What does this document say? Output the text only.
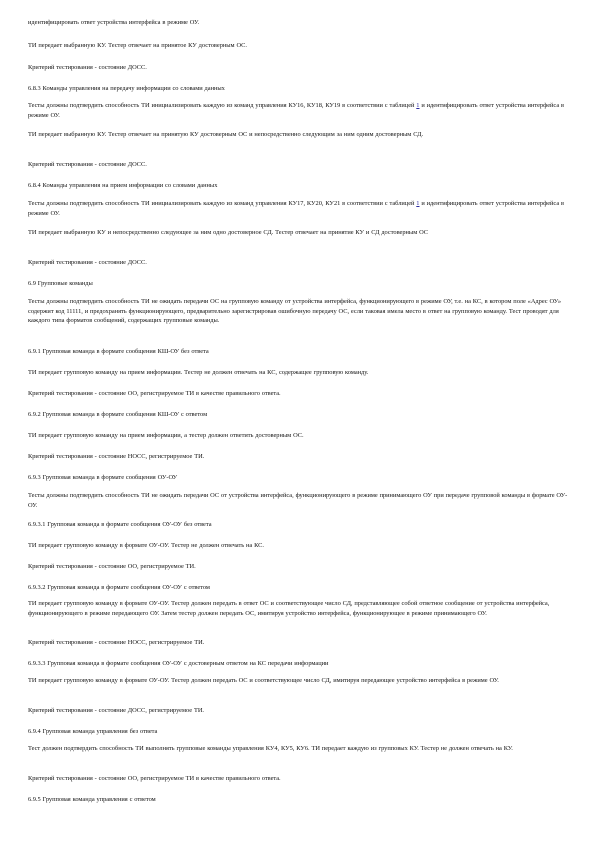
идентифицировать ответ устройства интерфейса в режиме ОУ.
ТИ передает выбранную КУ. Тестер отвечает на принятое КУ достоверным ОС.
Критерий тестирования - состояние ДОСС.
6.8.3 Команды управления на передачу информации со словами данных
Тесты должны подтвердить способность ТИ инициализировать каждую из команд управления КУ16, КУ18, КУ19 в соответствии с таблицей 1 и идентифицировать ответ устройства интерфейса в режиме ОУ.
ТИ передает выбранную КУ. Тестер отвечает на принятую КУ достоверным ОС и непосредственно следующим за ним одним достоверным СД.
Критерий тестирования - состояние ДОСС.
6.8.4 Команды управления на прием информации со словами данных
Тесты должны подтвердить способность ТИ инициализировать каждую из команд управления КУ17, КУ20, КУ21 в соответствии с таблицей 1 и идентифицировать ответ устройства интерфейса в режиме ОУ.
ТИ передает выбранную КУ и непосредственно следующее за ним одно достоверное СД. Тестер отвечает на принятие КУ и СД достоверным ОС
Критерий тестирования - состояние ДОСС.
6.9 Групповые команды
Тесты должны подтвердить способность ТИ не ожидать передачи ОС на групповую команду от устройства интерфейса, функционирующего в режиме ОУ, т.е. на КС, в котором поле «Адрес ОУ» содержит код 11111, и предохранять функционирующего, предварительно зарегистрировав ошибочную передачу ОС, если таковая имела место в ответ на групповую команду. Тест проводят для каждого типа форматов сообщений, содержащих групповые команды.
6.9.1 Групповая команда в формате сообщения КШ-ОУ без ответа
ТИ передает групповую команду на прием информации. Тестер не должен отвечать на КС, содержащее групповую команду.
Критерий тестирования - состояние ОО, регистрируемое ТИ в качестве правильного ответа.
6.9.2 Групповая команда в формате сообщения КШ-ОУ с ответом
ТИ передает групповую команду на прием информации, а тестер должен ответить достоверным ОС.
Критерий тестирования - состояние НОСС, регистрируемое ТИ.
6.9.3 Групповая команда в формате сообщения ОУ-ОУ
Тесты должны подтвердить способность ТИ не ожидать передачи ОС от устройства интерфейса, функционирующего в режиме принимающего ОУ при передаче групповой команды в формате ОУ-ОУ.
6.9.3.1 Групповая команда в формате сообщения ОУ-ОУ без ответа
ТИ передает групповую команду в формате ОУ-ОУ. Тестер не должен отвечать на КС.
Критерий тестирования - состояние ОО, регистрируемое ТИ.
6.9.3.2 Групповая команда в формате сообщения ОУ-ОУ с ответом
ТИ передает групповую команду в формате ОУ-ОУ. Тестер должен передать в ответ ОС и соответствующее число СД, представляющее собой ответное сообщение от устройства интерфейса, функционирующего в режиме передающего ОУ. Затем тестер должен передать ОС, имитируя устройство интерфейса, функционирующее в режиме принимающего ОУ.
Критерий тестирования - состояние НОСС, регистрируемое ТИ.
6.9.3.3 Групповая команда в формате сообщения ОУ-ОУ с достоверным ответом на КС передачи информации
ТИ передает групповую команду в формате ОУ-ОУ. Тестер должен передать ОС и соответствующее число СД, имитируя передающее устройство интерфейса в режиме ОУ.
Критерий тестирования - состояние ДОСС, регистрируемое ТИ.
6.9.4 Групповая команда управления без ответа
Тест должен подтвердить способность ТИ выполнять групповые команды управления КУ4, КУ5, КУ6. ТИ передает каждую из групповых КУ. Тестер не должен отвечать на КУ.
Критерий тестирования - состояние ОО, регистрируемое ТИ в качестве правильного ответа.
6.9.5 Групповая команда управления с ответом
